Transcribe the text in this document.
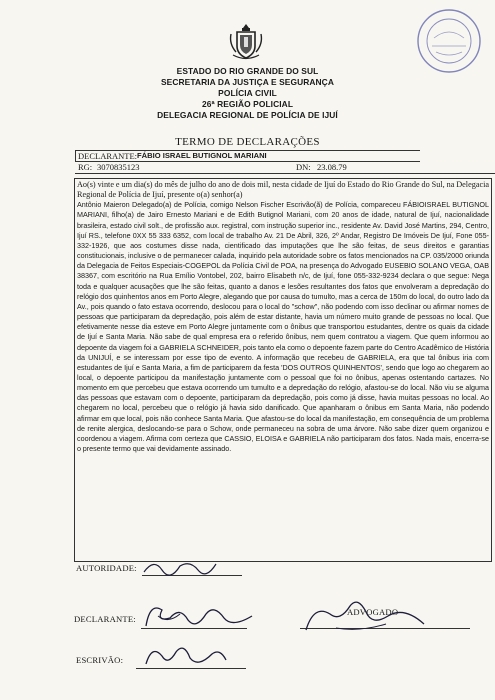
ESTADO DO RIO GRANDE DO SUL
SECRETARIA DA JUSTIÇA E SEGURANÇA
POLÍCIA CIVIL
26ª REGIÃO POLICIAL
DELEGACIA REGIONAL DE POLÍCIA DE IJUÍ
TERMO DE DECLARAÇÕES
DECLARANTE: FÁBIO ISRAEL BUTIGNOL MARIANI
RG: 3070835123	DN: 23.08.79

Ao(s) vinte e um dia(s) do mês de julho do ano de dois mil, nesta cidade de Ijuí do Estado do Rio Grande do Sul, na Delegacia Regional de Polícia de Ijuí, presente o(a) senhor(a)

Antônio Maieron Delegado(a) de Polícia, comigo Nelson Fischer Escrivão(ã) de Polícia, compareceu FÁBIOISRAEL BUTIGNOL MARIANI, filho(a) de Jairo Ernesto Mariani e de Edith Butignol Mariani, com 20 anos de idade, natural de Ijuí, nacionalidade brasileira, estado civil solt., de profissão aux. registral, com instrução superior inc., residente Av. David José Martins, 294, Centro, Ijuí RS., telefone 0XX 55 333 6352, com local de trabalho Av. 21 De Abril, 326, 2º Andar, Registro De Imóveis De Ijuí, Fone 055-332-1926, que aos costumes disse nada, cientificado das imputações que lhe são feitas, de seus direitos e garantias constitucionais, inclusive o de permanecer calada, inquirido pela autoridade sobre os fatos mencionados na CP. 035/2000 oriunda da Delegacia de Feitos Especiais-COGEPOL da Polícia Civil de POA, na presença do Advogado EUSEBIO SOLANO VEGA, OAB 38367, com escritório na Rua Emílio Vontobel, 202, bairro Elisabeth n/c, de Ijuí, fone 055-332-9234 declara o que segue: Nega toda e qualquer acusações que lhe são feitas, quanto a danos e lesões resultantes dos fatos que envolveram a depredação do relógio dos quinhentos anos em Porto Alegre, alegando que por causa do tumulto, mas a cerca de 150m do local, do outro lado da Av., pois quando o fato estava ocorrendo, deslocou para o local do "schow", não podendo com isso declinar ou afirmar nomes de pessoas que participaram da depredação, pois além de estar distante, havia um número muito grande de pessoas no local. Que efetivamente nesse dia esteve em Porto Alegre juntamente com o ônibus que transportou estudantes, dentre os quais da cidade de Ijuí e Santa Maria. Não sabe de qual empresa era o referido ônibus, nem quem contratou a viagem. Que quem informou ao depoente da viagem foi a GABRIELA SCHNEIDER, pois tanto ela como o depoente fazem parte do Centro Acadêmico de História da UNIJUÍ, e se interessam por esse tipo de evento. A informação que recebeu de GABRIELA, era que tal ônibus iria com estudantes de Ijuí e Santa Maria, a fim de participarem da festa 'DOS OUTROS QUINHENTOS', sendo que logo ao chegarem ao local, o depoente participou da manifestação juntamente com o pessoal que foi no ônibus, apenas ostentando cartazes. No momento em que percebeu que estava ocorrendo um tumulto e a depredação do relógio, afastou-se do local. Não viu se alguma das pessoas que estavam com o depoente, participaram da depredação, pois como já disse, havia muitas pessoas no local. Ao chegarem no local, percebeu que o relógio já havia sido danificado. Que apanharam o ônibus em Santa Maria, não podendo afirmar em que local, pois não conhece Santa Maria. Que afastou-se do local da manifestação, em consequência de um problema de renite alergica, deslocando-se para o Schow, onde permaneceu na sobra de uma árvore. Não sabe dizer quem organizou e coordenou a viagem. Afirma com certeza que CASSIO, ELOISA e GABRIELA não participaram dos fatos. Nada mais, encerra-se o presente termo que vai devidamente assinado.

AUTORIDADE:
DECLARANTE:
ADVOGADO
ESCRIVÃO:
